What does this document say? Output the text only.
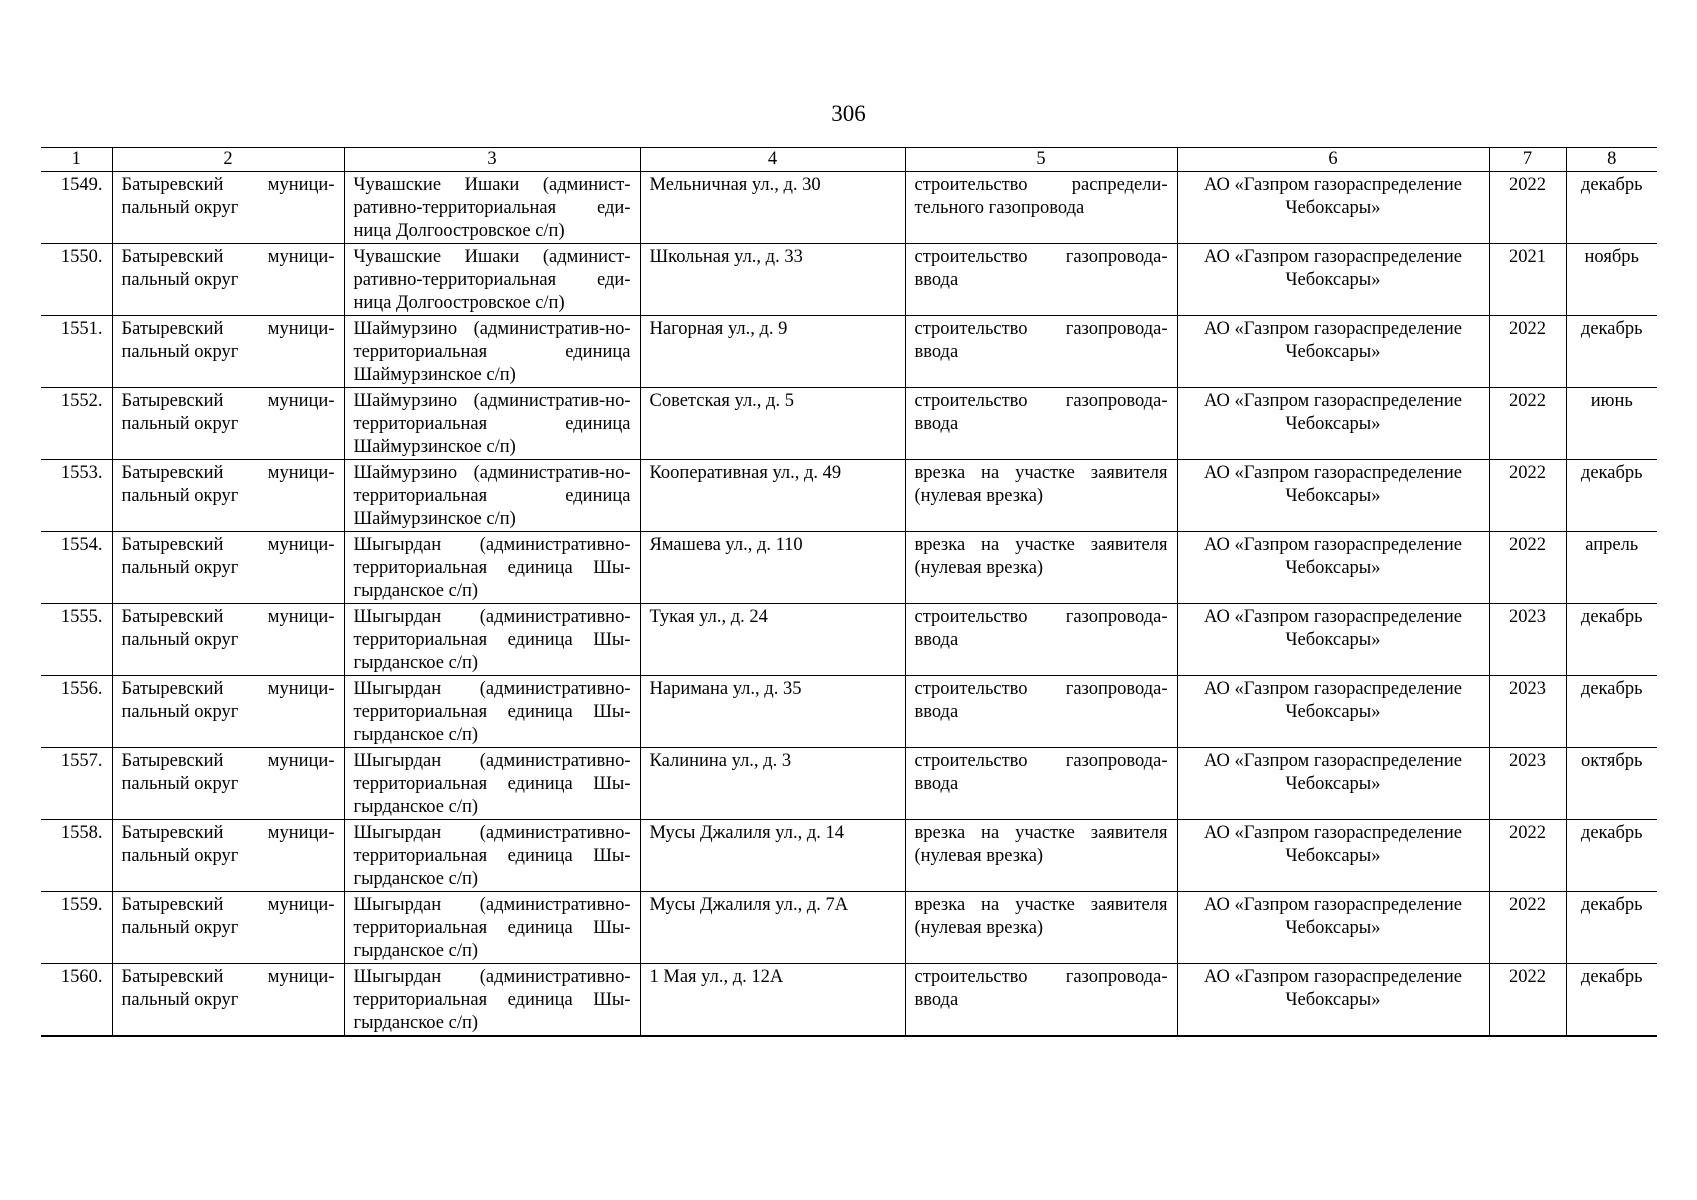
306
1	2	3	4	5	6	7	8
1549.	Батыревский муници-пальный округ	Чувашские Ишаки (админист-ративно-территориальная еди-ница Долгоостровское с/п)	Мельничная ул., д. 30	строительство распредели-тельного газопровода	АО «Газпром газораспределение Чебоксары»	2022	декабрь
1550.	Батыревский муници-пальный округ	Чувашские Ишаки (админист-ративно-территориальная еди-ница Долгоостровское с/п)	Школьная ул., д. 33	строительство газопровода-ввода	АО «Газпром газораспределение Чебоксары»	2021	ноябрь
1551.	Батыревский муници-пальный округ	Шаймурзино (административ-но-территориальная единица Шаймурзинское с/п)	Нагорная ул., д. 9	строительство газопровода-ввода	АО «Газпром газораспределение Чебоксары»	2022	декабрь
1552.	Батыревский муници-пальный округ	Шаймурзино (административ-но-территориальная единица Шаймурзинское с/п)	Советская ул., д. 5	строительство газопровода-ввода	АО «Газпром газораспределение Чебоксары»	2022	июнь
1553.	Батыревский муници-пальный округ	Шаймурзино (административ-но-территориальная единица Шаймурзинское с/п)	Кооперативная ул., д. 49	врезка на участке заявителя (нулевая врезка)	АО «Газпром газораспределение Чебоксары»	2022	декабрь
1554.	Батыревский муници-пальный округ	Шыгырдан (административно-территориальная единица Шы-гырданское с/п)	Ямашева ул., д. 110	врезка на участке заявителя (нулевая врезка)	АО «Газпром газораспределение Чебоксары»	2022	апрель
1555.	Батыревский муници-пальный округ	Шыгырдан (административно-территориальная единица Шы-гырданское с/п)	Тукая ул., д. 24	строительство газопровода-ввода	АО «Газпром газораспределение Чебоксары»	2023	декабрь
1556.	Батыревский муници-пальный округ	Шыгырдан (административно-территориальная единица Шы-гырданское с/п)	Наримана ул., д. 35	строительство газопровода-ввода	АО «Газпром газораспределение Чебоксары»	2023	декабрь
1557.	Батыревский муници-пальный округ	Шыгырдан (административно-территориальная единица Шы-гырданское с/п)	Калинина ул., д. 3	строительство газопровода-ввода	АО «Газпром газораспределение Чебоксары»	2023	октябрь
1558.	Батыревский муници-пальный округ	Шыгырдан (административно-территориальная единица Шы-гырданское с/п)	Мусы Джалиля ул., д. 14	врезка на участке заявителя (нулевая врезка)	АО «Газпром газораспределение Чебоксары»	2022	декабрь
1559.	Батыревский муници-пальный округ	Шыгырдан (административно-территориальная единица Шы-гырданское с/п)	Мусы Джалиля ул., д. 7А	врезка на участке заявителя (нулевая врезка)	АО «Газпром газораспределение Чебоксары»	2022	декабрь
1560.	Батыревский муници-пальный округ	Шыгырдан (административно-территориальная единица Шы-гырданское с/п)	1 Мая ул., д. 12А	строительство газопровода-ввода	АО «Газпром газораспределение Чебоксары»	2022	декабрь
